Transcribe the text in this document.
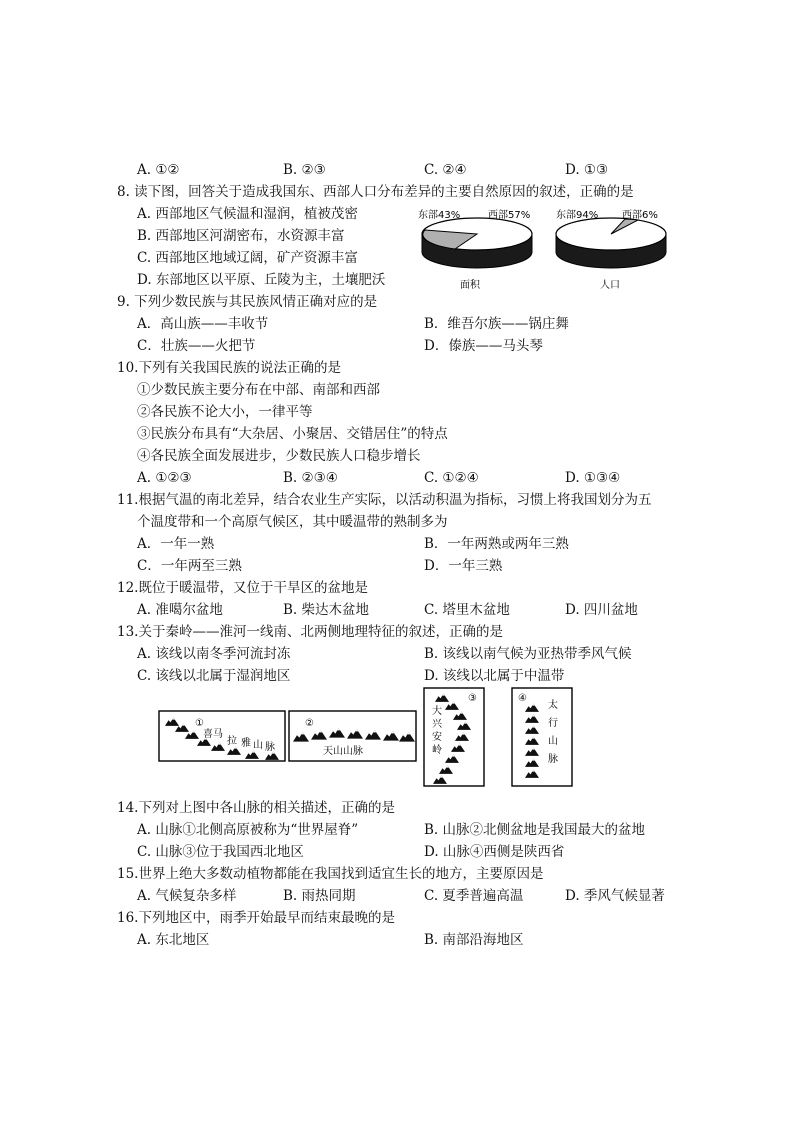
A. ①②	B. ②③	C. ②④	D. ①③
8. 读下图，回答关于造成我国东、西部人口分布差异的主要自然原因的叙述，正确的是
A. 西部地区气候温和湿润，植被茂密
B. 西部地区河湖密布，水资源丰富
C. 西部地区地域辽阔，矿产资源丰富
D. 东部地区以平原、丘陵为主，土壤肥沃
东部43%	西部57%
面积
东部94% 西部6%
人口
9. 下列少数民族与其民族风情正确对应的是
A．高山族——丰收节	B．维吾尔族——锅庄舞
C．壮族——火把节	D．傣族——马头琴
10.下列有关我国民族的说法正确的是
①少数民族主要分布在中部、南部和西部
②各民族不论大小，一律平等
③民族分布具有“大杂居、小聚居、交错居住”的特点
④各民族全面发展进步，少数民族人口稳步增长
A. ①②③	B. ②③④	C. ①②④	D. ①③④
11.根据气温的南北差异，结合农业生产实际，以活动积温为指标，习惯上将我国划分为五
个温度带和一个高原气候区，其中暖温带的熟制多为
A．一年一熟	B．一年两熟或两年三熟
C．一年两至三熟	D．一年三熟
12.既位于暖温带，又位于干旱区的盆地是
A. 准噶尔盆地	B. 柴达木盆地	C. 塔里木盆地	D. 四川盆地
13.关于秦岭——淮河一线南、北两侧地理特征的叙述，正确的是
A. 该线以南冬季河流封冻	B. 该线以南气候为亚热带季风气候
C. 该线以北属于湿润地区	D. 该线以北属于中温带
①
喜马
拉 雅 山 脉
②
天山山脉
③
大
兴
安
岭
④
太
行
山
脉
14.下列对上图中各山脉的相关描述，正确的是
A. 山脉①北侧高原被称为“世界屋脊”	B. 山脉②北侧盆地是我国最大的盆地
C. 山脉③位于我国西北地区	D. 山脉④西侧是陕西省
15.世界上绝大多数动植物都能在我国找到适宜生长的地方，主要原因是
A. 气候复杂多样	B. 雨热同期	C. 夏季普遍高温	D. 季风气候显著
16.下列地区中，雨季开始最早而结束最晚的是
A. 东北地区	B. 南部沿海地区
